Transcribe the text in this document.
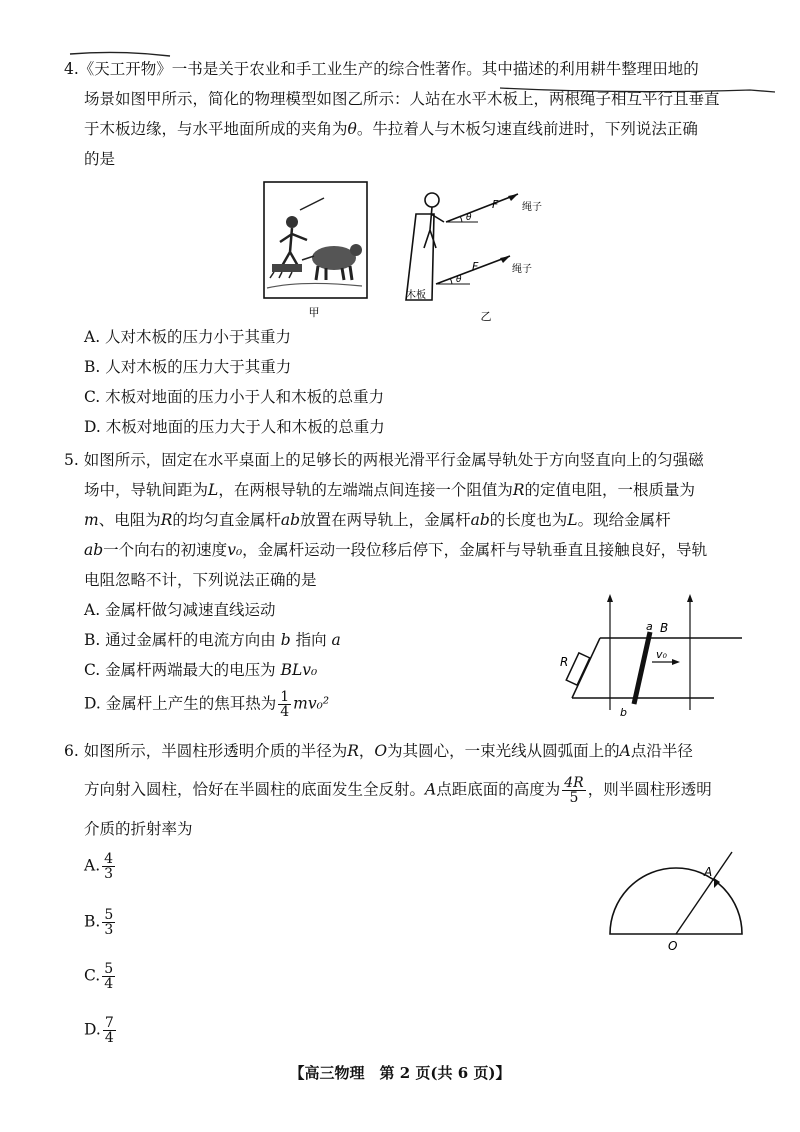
4.《天工开物》一书是关于农业和手工业生产的综合性著作。其中描述的利用耕牛整理田地的
场景如图甲所示，简化的物理模型如图乙所示：人站在水平木板上，两根绳子相互平行且垂直
于木板边缘，与水平地面所成的夹角为θ。牛拉着人与木板匀速直线前进时，下列说法正确
的是
甲
木板
F 绳子
θ
F	绳子
θ
乙
A. 人对木板的压力小于其重力
B. 人对木板的压力大于其重力
C. 木板对地面的压力小于人和木板的总重力
D. 木板对地面的压力大于人和木板的总重力
5. 如图所示，固定在水平桌面上的足够长的两根光滑平行金属导轨处于方向竖直向上的匀强磁
场中，导轨间距为L，在两根导轨的左端端点间连接一个阻值为R的定值电阻，一根质量为
m、电阻为R的均匀直金属杆ab放置在两导轨上，金属杆ab的长度也为L。现给金属杆
ab一个向右的初速度v₀，金属杆运动一段位移后停下，金属杆与导轨垂直且接触良好，导轨
电阻忽略不计，下列说法正确的是
A. 金属杆做匀减速直线运动
B. 通过金属杆的电流方向由 b 指向 a
C. 金属杆两端最大的电压为 BLv₀
D. 金属杆上产生的焦耳热为 $\frac{1}{4} mv_0^2$
R
a B
b
v₀
6. 如图所示，半圆柱形透明介质的半径为R，O为其圆心，一束光线从圆弧面上的A点沿半径
方向射入圆柱，恰好在半圆柱的底面发生全反射。A点距底面的高度为 $\frac{4R}{5}$ ，则半圆柱形透明
介质的折射率为
A. $\frac{4}{3}$
B. $\frac{5}{3}$
C. $\frac{5}{4}$
D. $\frac{7}{4}$
A
O
【高三物理　第 2 页(共 6 页)】
